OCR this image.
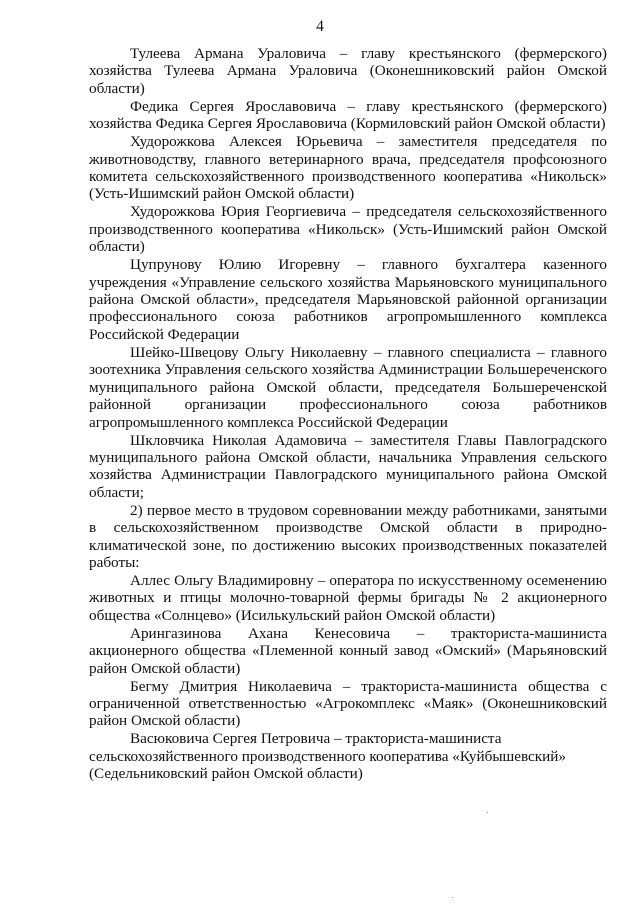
4

Тулеева Армана Ураловича – главу крестьянского (фермерского) хозяйства Тулеева Армана Ураловича (Оконешниковский район Омской области)

Федика Сергея Ярославовича – главу крестьянского (фермерского) хозяйства Федика Сергея Ярославовича (Кормиловский район Омской области)

Худорожкова Алексея Юрьевича – заместителя председателя по животноводству, главного ветеринарного врача, председателя профсоюзного комитета сельскохозяйственного производственного кооператива «Никольск» (Усть-Ишимский район Омской области)

Худорожкова Юрия Георгиевича – председателя сельскохозяйственного производственного кооператива «Никольск» (Усть-Ишимский район Омской области)

Цупрунову Юлию Игоревну – главного бухгалтера казенного учреждения «Управление сельского хозяйства Марьяновского муниципального района Омской области», председателя Марьяновской районной организации профессионального союза работников агропромышленного комплекса Российской Федерации

Шейко-Швецову Ольгу Николаевну – главного специалиста – главного зоотехника Управления сельского хозяйства Администрации Большереченского муниципального района Омской области, председателя Большереченской районной организации профессионального союза работников агропромышленного комплекса Российской Федерации

Шкловчика Николая Адамовича – заместителя Главы Павлоградского муниципального района Омской области, начальника Управления сельского хозяйства Администрации Павлоградского муниципального района Омской области;

2) первое место в трудовом соревновании между работниками, занятыми в сельскохозяйственном производстве Омской области в природно-климатической зоне, по достижению высоких производственных показателей работы:

Аллес Ольгу Владимировну – оператора по искусственному осеменению животных и птицы молочно-товарной фермы бригады № 2 акционерного общества «Солнцево» (Исилькульский район Омской области)

Арингазинова Ахана Кенесовича – тракториста-машиниста акционерного общества «Племенной конный завод «Омский» (Марьяновский район Омской области)

Бегму Дмитрия Николаевича – тракториста-машиниста общества с ограниченной ответственностью «Агрокомплекс «Маяк» (Оконешниковский район Омской области)

Васюковича Сергея Петровича – тракториста-машиниста сельскохозяйственного производственного кооператива «Куйбышевский» (Седельниковский район Омской области)
